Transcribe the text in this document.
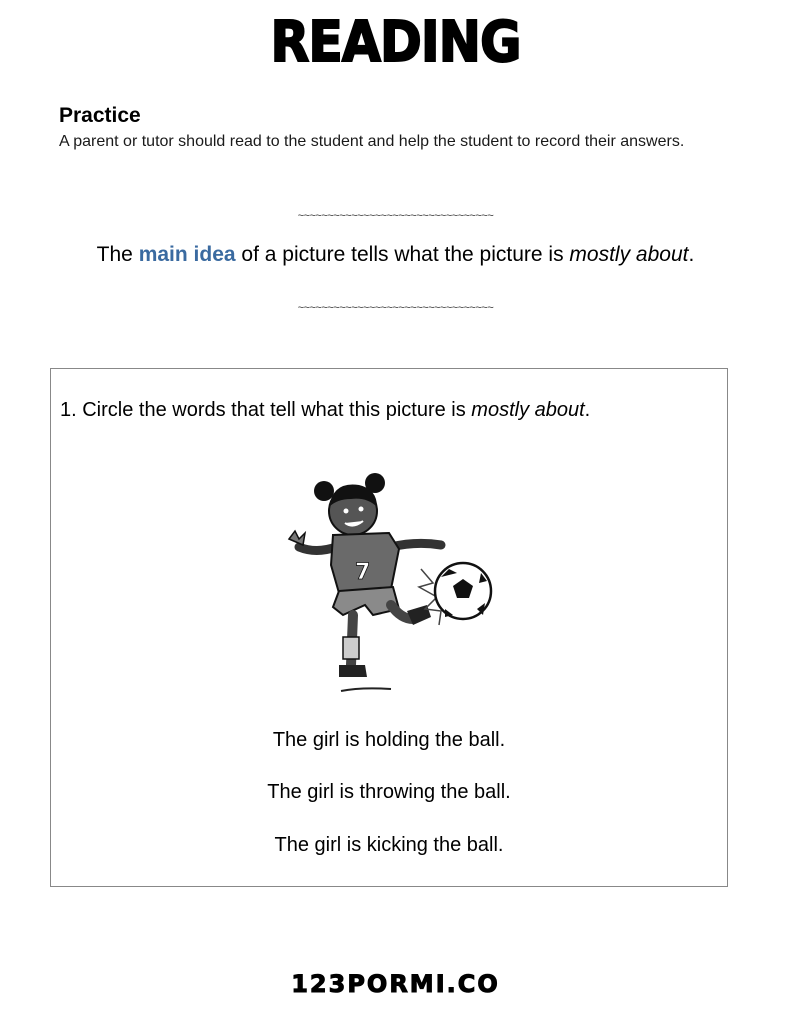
READING
Practice
A parent or tutor should read to the student and help the student to record their answers.
~~~~~~~~~~~~~~~~~~~~~~~~~~~~~~~~~
The main idea of a picture tells what the picture is mostly about.
~~~~~~~~~~~~~~~~~~~~~~~~~~~~~~~~~
1. Circle the words that tell what this picture is mostly about.
7
The girl is holding the ball.
The girl is throwing the ball.
The girl is kicking the ball.
123PORMI.CO
